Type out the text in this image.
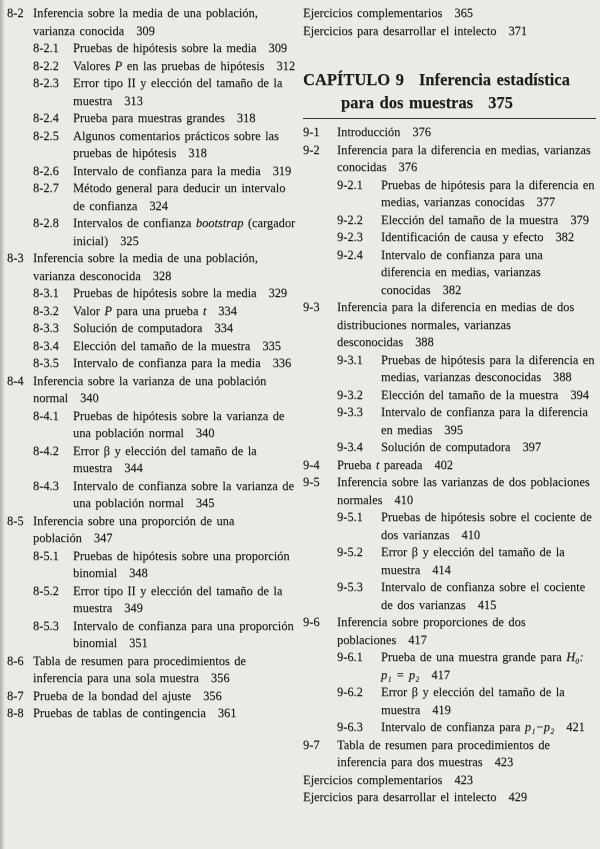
8-2 Inferencia sobre la media de una población, varianza conocida 309
8-2.1	Pruebas de hipótesis sobre la media 309
8-2.2	Valores P en las pruebas de hipótesis 312
8-2.3	Error tipo II y elección del tamaño de la muestra 313
8-2.4	Prueba para muestras grandes 318
8-2.5	Algunos comentarios prácticos sobre las pruebas de hipótesis 318
8-2.6	Intervalo de confianza para la media 319
8-2.7	Método general para deducir un intervalo de confianza 324
8-2.8	Intervalos de confianza bootstrap (cargador inicial) 325
8-3 Inferencia sobre la media de una población, varianza desconocida 328
8-3.1	Pruebas de hipótesis sobre la media 329
8-3.2	Valor P para una prueba t 334
8-3.3	Solución de computadora 334
8-3.4	Elección del tamaño de la muestra 335
8-3.5	Intervalo de confianza para la media 336
8-4 Inferencia sobre la varianza de una población normal 340
8-4.1	Pruebas de hipótesis sobre la varianza de una población normal 340
8-4.2	Error β y elección del tamaño de la muestra 344
8-4.3	Intervalo de confianza sobre la varianza de una población normal 345
8-5 Inferencia sobre una proporción de una población 347
8-5.1	Pruebas de hipótesis sobre una proporción binomial 348
8-5.2	Error tipo II y elección del tamaño de la muestra 349
8-5.3	Intervalo de confianza para una proporción binomial 351
8-6 Tabla de resumen para procedimientos de inferencia para una sola muestra 356
8-7 Prueba de la bondad del ajuste 356
8-8 Pruebas de tablas de contingencia 361
Ejercicios complementarios 365
Ejercicios para desarrollar el intelecto 371
CAPÍTULO 9 Inferencia estadística
para dos muestras 375
9-1	Introducción 376
9-2	Inferencia para la diferencia en medias, varianzas conocidas 376
9-2.1	Pruebas de hipótesis para la diferencia en medias, varianzas conocidas 377
9-2.2	Elección del tamaño de la muestra 379
9-2.3	Identificación de causa y efecto 382
9-2.4	Intervalo de confianza para una diferencia en medias, varianzas conocidas 382
9-3	Inferencia para la diferencia en medias de dos distribuciones normales, varianzas desconocidas 388
9-3.1	Pruebas de hipótesis para la diferencia en medias, varianzas desconocidas 388
9-3.2	Elección del tamaño de la muestra 394
9-3.3	Intervalo de confianza para la diferencia en medias 395
9-3.4	Solución de computadora 397
9-4	Prueba t pareada 402
9-5	Inferencia sobre las varianzas de dos poblaciones normales 410
9-5.1	Pruebas de hipótesis sobre el cociente de dos varianzas 410
9-5.2	Error β y elección del tamaño de la muestra 414
9-5.3	Intervalo de confianza sobre el cociente de dos varianzas 415
9-6	Inferencia sobre proporciones de dos poblaciones 417
9-6.1	Prueba de una muestra grande para H₀: p₁ = p₂ 417
9-6.2	Error β y elección del tamaño de la muestra 419
9-6.3	Intervalo de confianza para p₁−p₂ 421
9-7	Tabla de resumen para procedimientos de inferencia para dos muestras 423
Ejercicios complementarios 423
Ejercicios para desarrollar el intelecto 429
